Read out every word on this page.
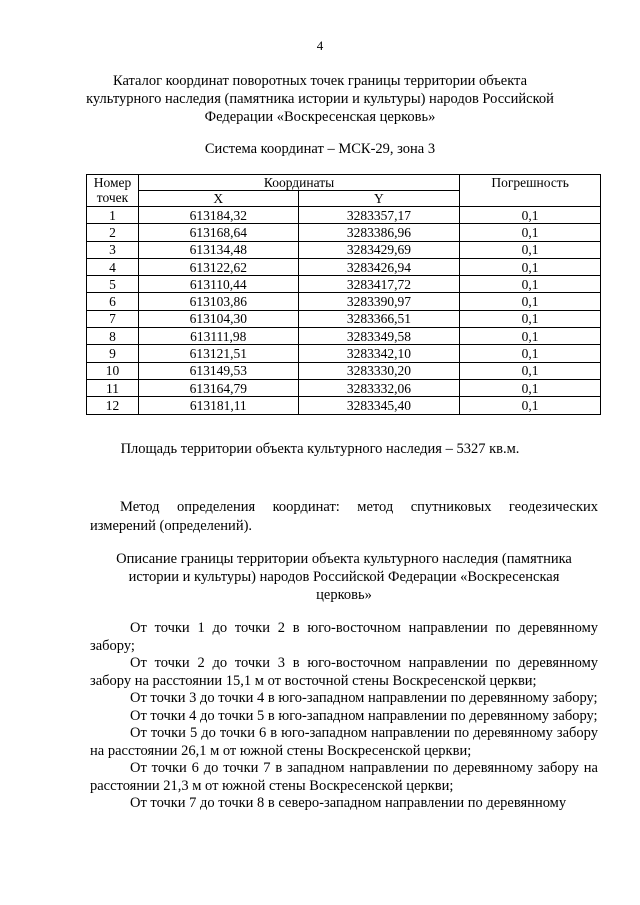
4
Каталог координат поворотных точек границы территории объекта
культурного наследия (памятника истории и культуры) народов Российской
Федерации «Воскресенская церковь»
Система координат – МСК-29, зона 3
Номер точек	Координаты		Погрешность
	X	Y	
1	613184,32	3283357,17	0,1
2	613168,64	3283386,96	0,1
3	613134,48	3283429,69	0,1
4	613122,62	3283426,94	0,1
5	613110,44	3283417,72	0,1
6	613103,86	3283390,97	0,1
7	613104,30	3283366,51	0,1
8	613111,98	3283349,58	0,1
9	613121,51	3283342,10	0,1
10	613149,53	3283330,20	0,1
11	613164,79	3283332,06	0,1
12	613181,11	3283345,40	0,1
Площадь территории объекта культурного наследия – 5327 кв.м.
Метод определения координат: метод спутниковых геодезических измерений (определений).
Описание границы территории объекта культурного наследия (памятника
истории и культуры) народов Российской Федерации «Воскресенская
церковь»
От точки 1 до точки 2 в юго-восточном направлении по деревянному забору;
От точки 2 до точки 3 в юго-восточном направлении по деревянному забору на расстоянии 15,1 м от восточной стены Воскресенской церкви;
От точки 3 до точки 4 в юго-западном направлении по деревянному забору;
От точки 4 до точки 5 в юго-западном направлении по деревянному забору;
От точки 5 до точки 6 в юго-западном направлении по деревянному забору на расстоянии 26,1 м от южной стены Воскресенской церкви;
От точки 6 до точки 7 в западном направлении по деревянному забору на расстоянии 21,3 м от южной стены Воскресенской церкви;
От точки 7 до точки 8 в северо-западном направлении по деревянному
